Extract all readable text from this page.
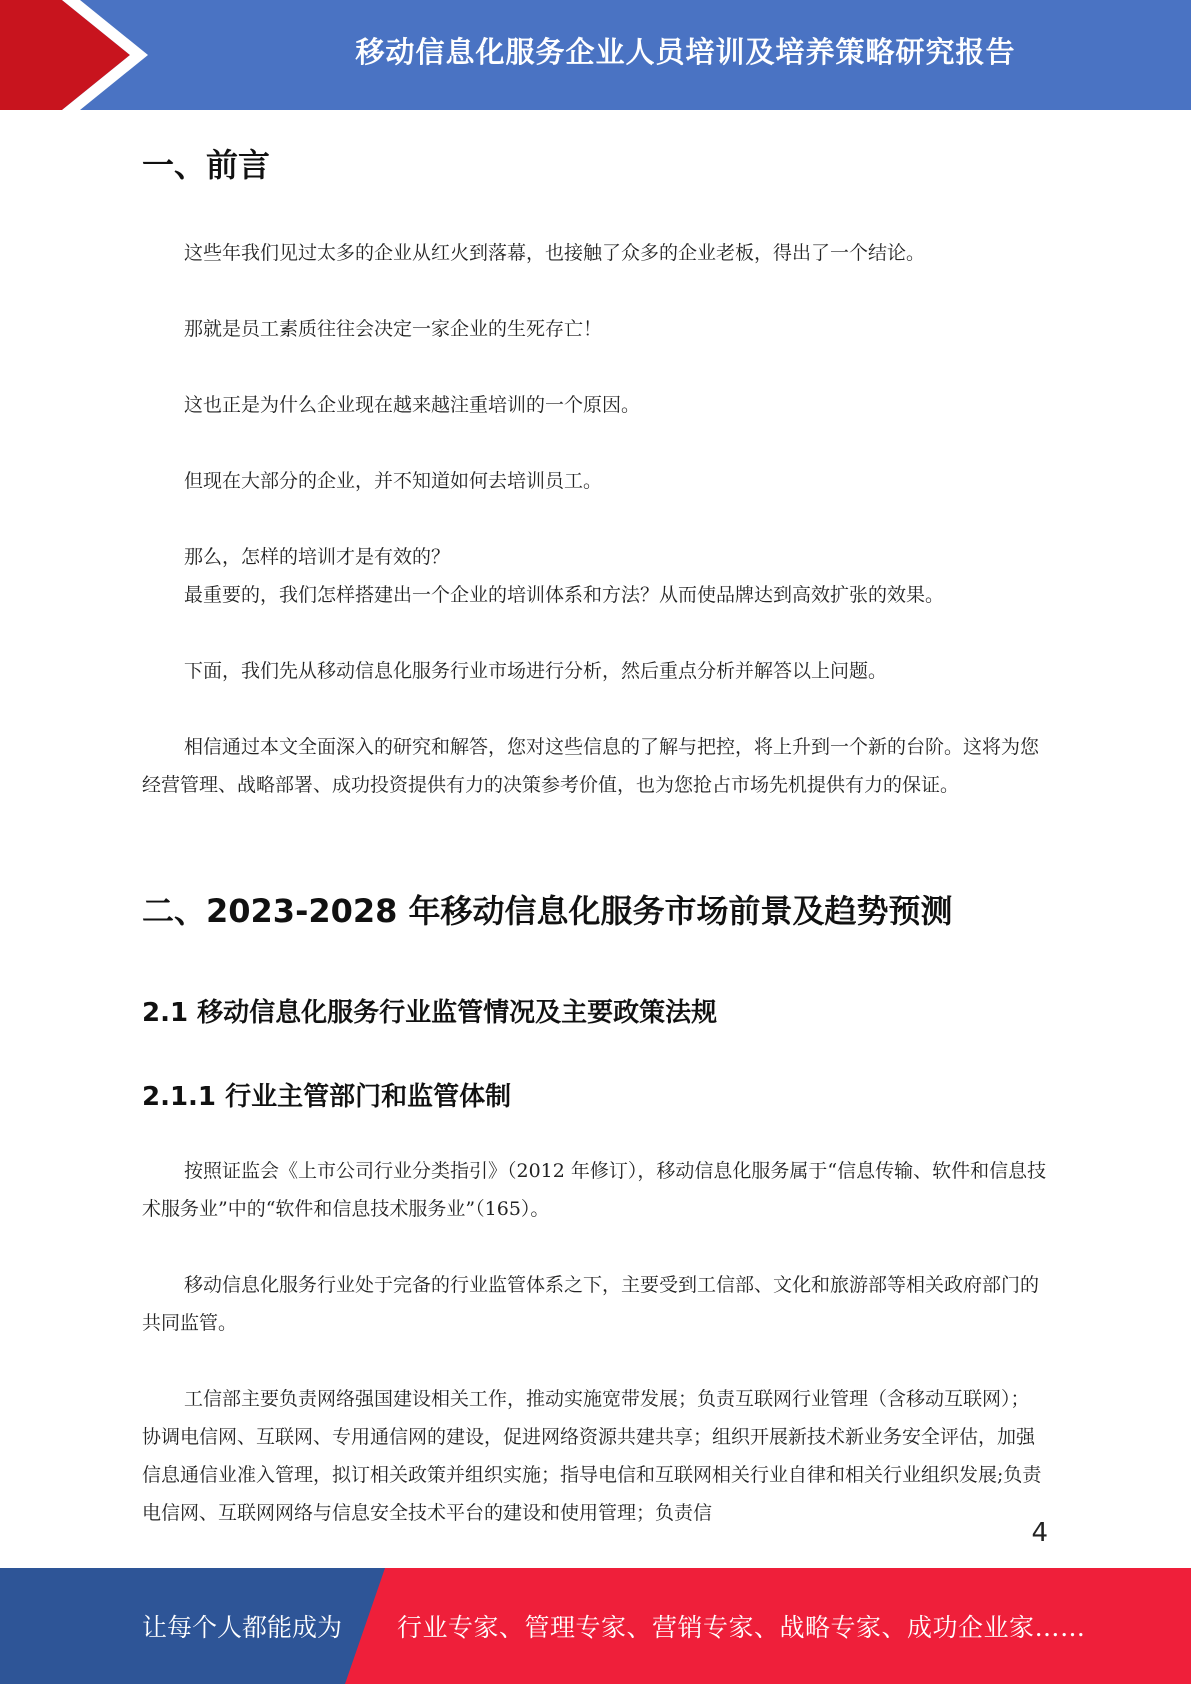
移动信息化服务企业人员培训及培养策略研究报告
一、前言

这些年我们见过太多的企业从红火到落幕，也接触了众多的企业老板，得出了一个结论。

那就是员工素质往往会决定一家企业的生死存亡！

这也正是为什么企业现在越来越注重培训的一个原因。

但现在大部分的企业，并不知道如何去培训员工。

那么，怎样的培训才是有效的？

最重要的，我们怎样搭建出一个企业的培训体系和方法？从而使品牌达到高效扩张的效果。

下面，我们先从移动信息化服务行业市场进行分析，然后重点分析并解答以上问题。

相信通过本文全面深入的研究和解答，您对这些信息的了解与把控，将上升到一个新的台阶。这将为您经营管理、战略部署、成功投资提供有力的决策参考价值，也为您抢占市场先机提供有力的保证。

二、2023-2028 年移动信息化服务市场前景及趋势预测
2.1 移动信息化服务行业监管情况及主要政策法规
2.1.1 行业主管部门和监管体制

按照证监会《上市公司行业分类指引》（2012 年修订），移动信息化服务属于“信息传输、软件和信息技术服务业”中的“软件和信息技术服务业”（165）。

移动信息化服务行业处于完备的行业监管体系之下，主要受到工信部、文化和旅游部等相关政府部门的共同监管。

工信部主要负责网络强国建设相关工作，推动实施宽带发展；负责互联网行业管理（含移动互联网）；协调电信网、互联网、专用通信网的建设，促进网络资源共建共享；组织开展新技术新业务安全评估，加强信息通信业准入管理，拟订相关政策并组织实施；指导电信和互联网相关行业自律和相关行业组织发展;负责电信网、互联网网络与信息安全技术平台的建设和使用管理；负责信

4
让每个人都能成为 行业专家、管理专家、营销专家、战略专家、成功企业家……
